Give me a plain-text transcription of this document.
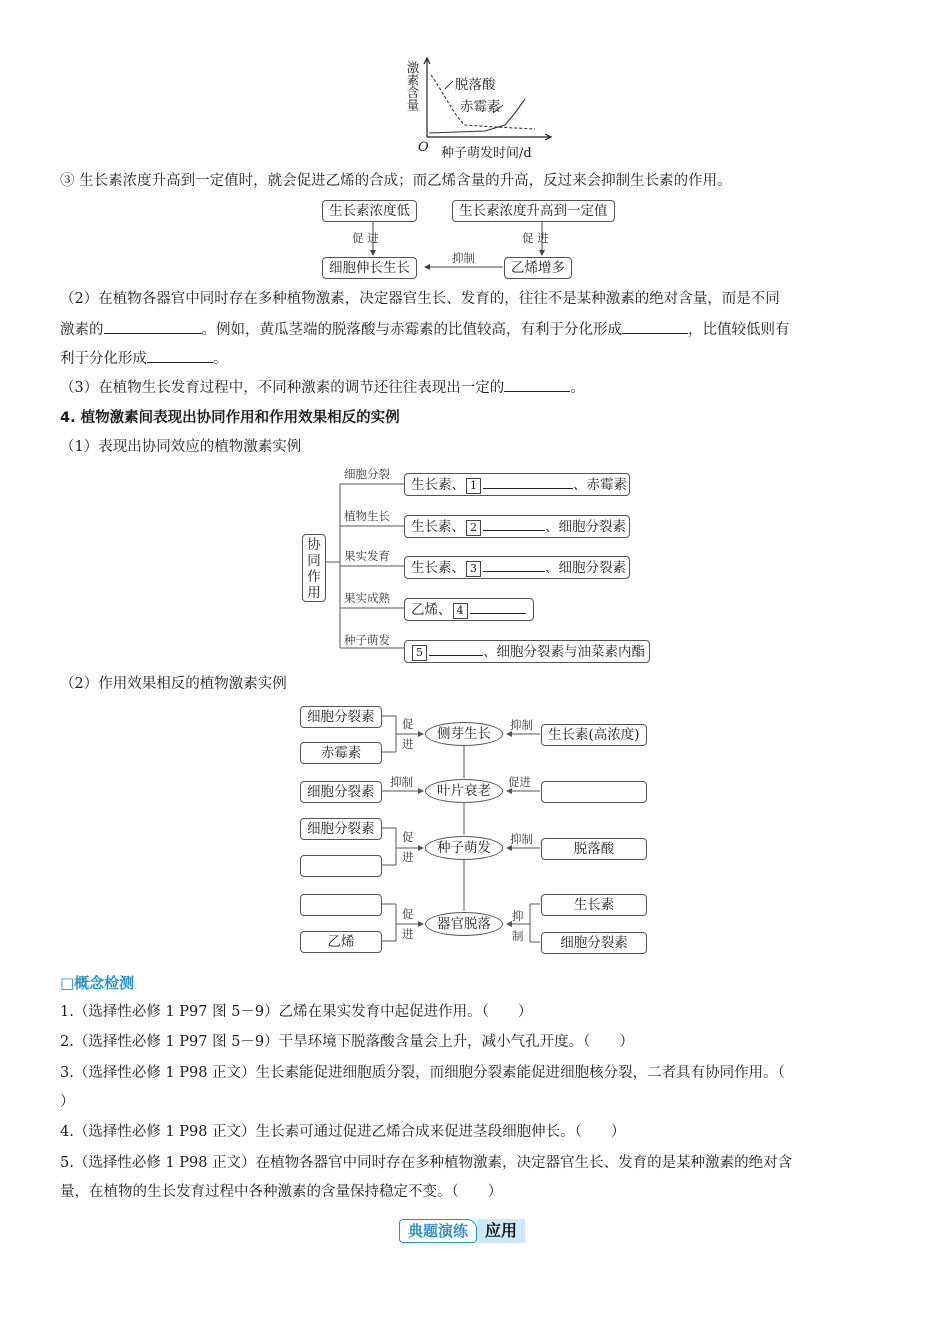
激素含量	脱落酸
赤霉素
O 种子萌发时间/d
③ 生长素浓度升高到一定值时，就会促进乙烯的合成；而乙烯含量的升高，反过来会抑制生长素的作用。
生长素浓度低	生长素浓度升高到一定值
细胞伸长生长	乙烯增多
促 进	促 进
抑制
（2）在植物各器官中同时存在多种植物激素，决定器官生长、发育的，往往不是某种激素的绝对含量，而是不同
激素的	。例如，黄瓜茎端的脱落酸与赤霉素的比值较高，有利于分化形成	，比值较低则有
利于分化形成	。
（3）在植物生长发育过程中，不同种激素的调节还往往表现出一定的	。
4. 植物激素间表现出协同作用和作用效果相反的实例
（1）表现出协同效应的植物激素实例
协同作用
细胞分裂
生长素、 1	、赤霉素
植物生长
生长素、 2	、细胞分裂素
果实发育
生长素、 3	、细胞分裂素
果实成熟
乙烯、 4
种子萌发
5	、细胞分裂素与油菜素内酯
（2）作用效果相反的植物激素实例
细胞分裂素
赤霉素
促进
侧芽生长
抑制
生长素(高浓度)
细胞分裂素
抑制
叶片衰老
促进
细胞分裂素	促进
种子萌发
抑制
脱落酸
乙烯
促进
器官脱落	抑制
生长素
细胞分裂素
□概念检测
1.（选择性必修 1 P97 图 5－9）乙烯在果实发育中起促进作用。（　　）
2.（选择性必修 1 P97 图 5－9）干旱环境下脱落酸含量会上升，减小气孔开度。（　　）
3.（选择性必修 1 P98 正文）生长素能促进细胞质分裂，而细胞分裂素能促进细胞核分裂，二者具有协同作用。（
）
4.（选择性必修 1 P98 正文）生长素可通过促进乙烯合成来促进茎段细胞伸长。（　　）
5.（选择性必修 1 P98 正文）在植物各器官中同时存在多种植物激素，决定器官生长、发育的是某种激素的绝对含
量，在植物的生长发育过程中各种激素的含量保持稳定不变。（　　）
典题演练	应用
